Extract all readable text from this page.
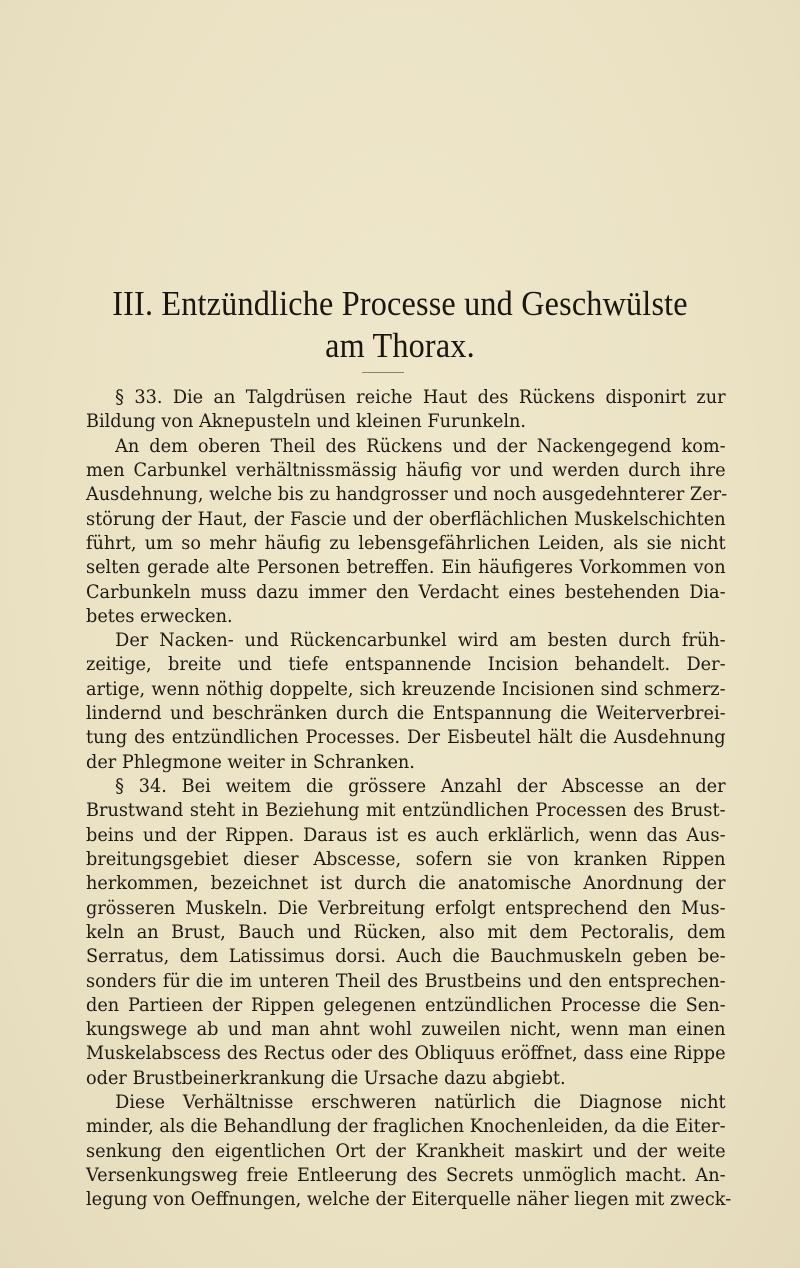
III. Entzündliche Processe und Geschwülste
am Thorax.
§ 33. Die an Talgdrüsen reiche Haut des Rückens disponirt zur
Bildung von Aknepusteln und kleinen Furunkeln.
An dem oberen Theil des Rückens und der Nackengegend kom-
men Carbunkel verhältnissmässig häufig vor und werden durch ihre
Ausdehnung, welche bis zu handgrosser und noch ausgedehnterer Zer-
störung der Haut, der Fascie und der oberflächlichen Muskelschichten
führt, um so mehr häufig zu lebensgefährlichen Leiden, als sie nicht
selten gerade alte Personen betreffen. Ein häufigeres Vorkommen von
Carbunkeln muss dazu immer den Verdacht eines bestehenden Dia-
betes erwecken.
Der Nacken- und Rückencarbunkel wird am besten durch früh-
zeitige, breite und tiefe entspannende Incision behandelt. Der-
artige, wenn nöthig doppelte, sich kreuzende Incisionen sind schmerz-
lindernd und beschränken durch die Entspannung die Weiterverbrei-
tung des entzündlichen Processes. Der Eisbeutel hält die Ausdehnung
der Phlegmone weiter in Schranken.
§ 34. Bei weitem die grössere Anzahl der Abscesse an der
Brustwand steht in Beziehung mit entzündlichen Processen des Brust-
beins und der Rippen. Daraus ist es auch erklärlich, wenn das Aus-
breitungsgebiet dieser Abscesse, sofern sie von kranken Rippen
herkommen, bezeichnet ist durch die anatomische Anordnung der
grösseren Muskeln. Die Verbreitung erfolgt entsprechend den Mus-
keln an Brust, Bauch und Rücken, also mit dem Pectoralis, dem
Serratus, dem Latissimus dorsi. Auch die Bauchmuskeln geben be-
sonders für die im unteren Theil des Brustbeins und den entsprechen-
den Partieen der Rippen gelegenen entzündlichen Processe die Sen-
kungswege ab und man ahnt wohl zuweilen nicht, wenn man einen
Muskelabscess des Rectus oder des Obliquus eröffnet, dass eine Rippe
oder Brustbeinerkrankung die Ursache dazu abgiebt.
Diese Verhältnisse erschweren natürlich die Diagnose nicht
minder, als die Behandlung der fraglichen Knochenleiden, da die Eiter-
senkung den eigentlichen Ort der Krankheit maskirt und der weite
Versenkungsweg freie Entleerung des Secrets unmöglich macht. An-
legung von Oeffnungen, welche der Eiterquelle näher liegen mit zweck-
